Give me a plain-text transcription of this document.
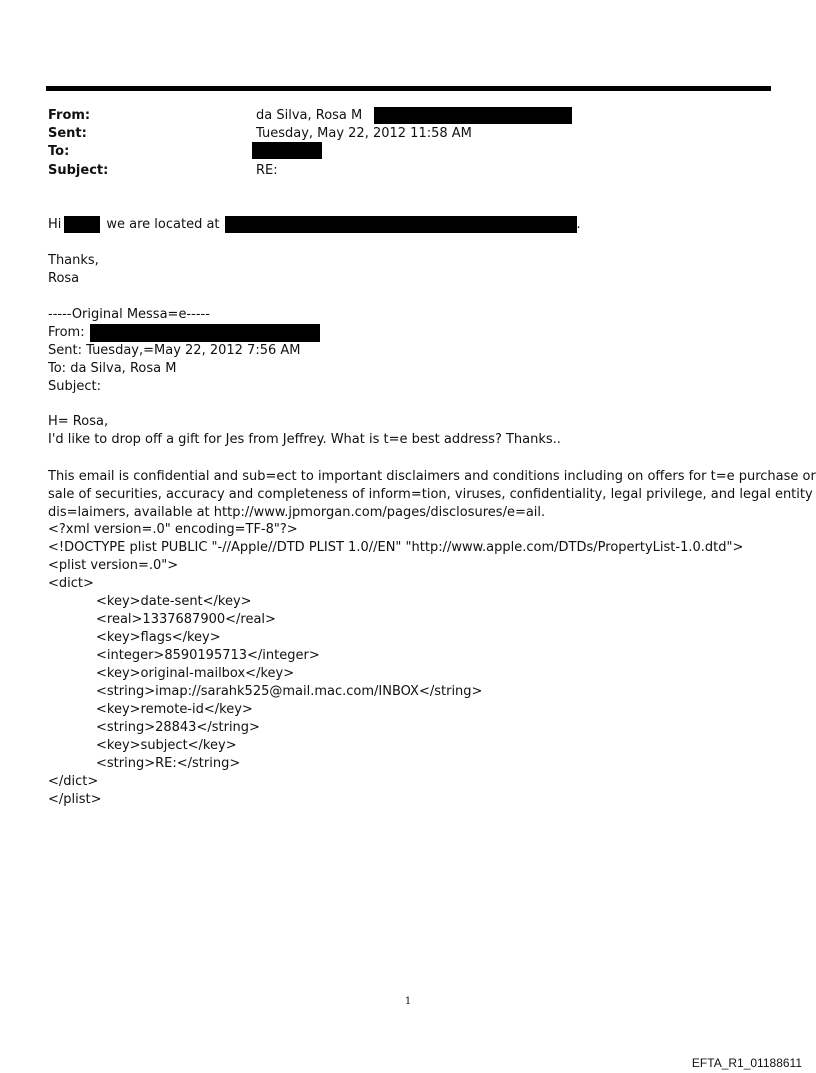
From:	da Silva, Rosa M
Sent:	Tuesday, May 22, 2012 11:58 AM
To:
Subject:	RE:
Hi	we are located at	.
Thanks,
Rosa
-----Original Messa=e-----
From:
Sent: Tuesday,=May 22, 2012 7:56 AM
To: da Silva, Rosa M
Subject:
H= Rosa,
I'd like to drop off a gift for Jes from Jeffrey. What is t=e best address? Thanks..
This email is confidential and sub=ect to important disclaimers and conditions including on offers for t=e purchase or
sale of securities, accuracy and completeness of inform=tion, viruses, confidentiality, legal privilege, and legal entity
dis=laimers, available at http://www.jpmorgan.com/pages/disclosures/e=ail.
<?xml version=.0" encoding=TF-8"?>
<!DOCTYPE plist PUBLIC "-//Apple//DTD PLIST 1.0//EN" "http://www.apple.com/DTDs/PropertyList-1.0.dtd">
<plist version=.0">
<dict>
<key>date-sent</key>
<real>1337687900</real>
<key>flags</key>
<integer>8590195713</integer>
<key>original-mailbox</key>
<string>imap://sarahk525@mail.mac.com/INBOX</string>
<key>remote-id</key>
<string>28843</string>
<key>subject</key>
<string>RE:</string>
</dict>
</plist>
1
EFTA_R1_01188611
